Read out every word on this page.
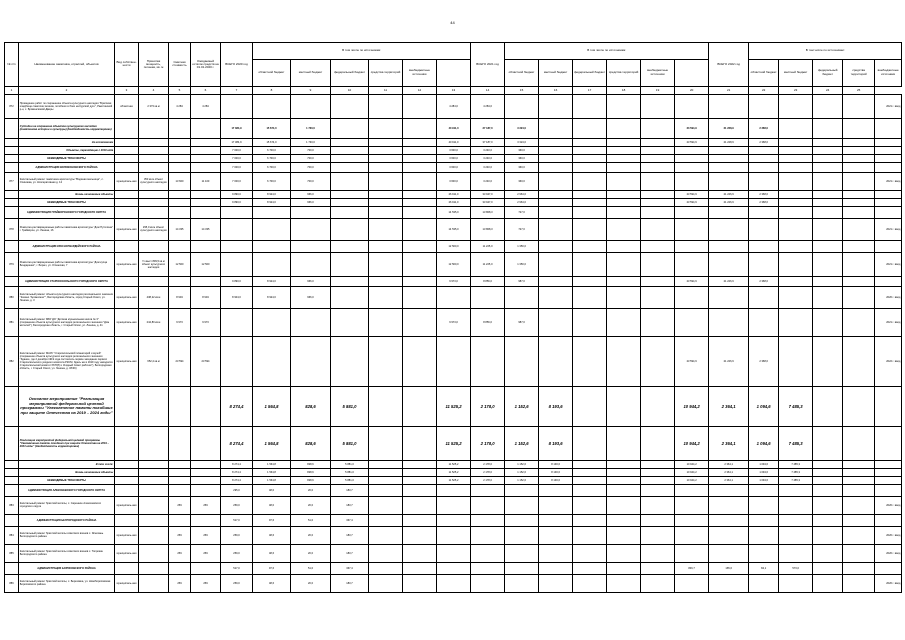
44
№ п/п	Наименование заказчика, отраслей, объектов	Вид собствен-ности	Принятая мощность, погонаж, кв. м	Сметная стоимость	Ожидаемый остаток средств на 01.01.2020 г.	ВСЕГО 2020 год	В том числе по источникам:						ВСЕГО 2021 год	В том числе по источникам:						ВСЕГО 2022 год	В том числе по источникам:	
							областной бюджет	местный бюджет	федеральный бюджет	средства территорий	внебюджетные источники			областной бюджет	местный бюджет	федеральный бюджет	средства территорий	внебюджетные источники			областной бюджет	местный бюджет	федеральный бюджет	средства территорий	внебюджетные источники	
1	2	3	4	5	6	7	8	9	10	11	12	13	14	15	16	17	18	19	20	21	22	23	24	25		
872	Проведение работ по сохранению объекта культурного наследия "Братская кладбище советских воинов, погибших в боях на Курской дуге", Ракитянский р-н, с. Бровинсковой-Дверы	областная	2 373 кв.м	4 284	4 284							4 284,0	4 284,0												2021 г. ввод	
	Субсидии на сохранение объектов культурного наследия (памятников истории и культуры) (Необходимость корректировки)					17 384,9	15 674,0	1 730,0				40 911,0	37 187,0	3 324,0					23 594,9	21 228,9	2 368,0					
	За исключением					17 384,9	15 674,0	1 730,0				40 911,0	37 187,0	3 324,0					23 594,9	21 228,9	2 368,0					
	Объекты, переходящие с 2019 года					7 000,0	6 700,0	700,0				3 600,0	3 240,0	360,0												
	НЕВВОДИМЫЕ ТРАНСФЕРТЫ					7 000,0	6 700,0	700,0				3 600,0	3 240,0	360,0												
	АДМИНИСТРАЦИЯ ВОЛОКОНОВСКОГО РАЙОНА					7 000,0	6 700,0	700,0				3 600,0	3 240,0	360,0												
877	Капитальный ремонт памятника архитектуры "Водяная мельница", с. Осиновка, ул. Кооперативная д. 12	муниципаль-ная	353 кв.м объект культурного наследия	13 600	11 100	7 000,0	6 700,0	700,0				3 600,0	3 240,0	360,0											2021 г. ввод	
	Вновь начинаемые объекты					9 890,0	8 924,0	966,0				26 911,0	33 947,0	2 964,0					23 594,9	21 226,9	2 368,0					
	НЕВВОДИМЫЕ ТРАНСФЕРТЫ					9 890,0	8 924,0	966,0				26 911,0	33 947,0	2 964,0					23 594,9	21 226,9	2 368,0					
	АДМИНИСТРАЦИЯ ГРАЙВОРОНСКОГО ГОРОДСКОГО ОКРУГА											14 535,0	13 808,3	727,0												
878	Ремонтно-реставрационные работы памятника архитектуры "Дом Путилина" г. Грайворон, ул. Ленина, 16	муниципаль-ная	295,0 кв.м объект культурного наследия	14 335	14 335							14 535,0	13 808,3	727,0											2021 г. ввод	
	АДМИНИСТРАЦИЯ КРАСНОГВАРДЕЙСКОГО РАЙОНА											12 500,0	11 225,0	1 350,0												
879	Ремонтно-реставрационные работы памятника архитектуры "Дом купца Бондаренко", г. Бирюч, ул. Успенская, 7	муниципаль-ная	Уч.выст 809,5 кв.м объект культурного наследия	12 500	12 500							12 500,0	11 225,0	1 350,0											2021 г. ввод	
	АДМИНИСТРАЦИЯ СТАРООСКОЛЬСКОГО ГОРОДСКОГО ОКРУГА					9 890,0	8 924,0	966,0				9 973,0	8 856,0	987,0					23 594,9	21 226,9	2 368,0					
880	Капитальный ремонт объекта культурного наследия регионального значения "Казино "Ароматное"", Белгородская область, город Старый Оскол, ул. Ленина, д. 3	муниципаль-ная	438,22 кв.м	8 904	8 904	8 904,0	8 924,0	966,0																	2020 г. ввод	
881	Капитальный ремонт МБУ ДО "Детская музыкальная школа № 3" (сохранение объекта культурного наследия регионального значения "Дом жителей"), Белгородская область, г. Старый Оскол, ул. Ленина, д. 41	муниципаль-ная	244,80 кв.м	9 973	9 973							9 973,0	8 856,0	987,0											2021 г. ввод	
882	Капитальный ремонт МАУК "Старооскольский планетарий и музей" (сохранение объекта культурного наследия регионального значения "Здание, где 2 декабря 1919 года состоялось первое заседание первого Старооскольского уездного комитета РКСМ. Здесь же в 1919 году находился Старооскольский комитет РКП(б) и Уездный Совет рабочих"), Белгородская область, г. Старый Оскол, ул. Ленина, д. 3б/46)	муниципаль-ная	652,4 кв.м	23 594	23 594														23 594,9	21 226,9	2 368,0				2022 г. ввод	
	Основное мероприятие "Реализация мероприятий федеральной целевой программы "Увековечение памяти погибших при защите Отечества на 2019 – 2024 годы"					8 274,4	1 564,8	828,6	5 881,0			11 525,2	2 178,0	1 152,6	8 193,6				10 944,2	2 364,1	1 094,6	7 485,3				
	Реализация мероприятий федеральной целевой программы "Увековечение памяти погибших при защите Отечества на 2019 – 2024 годы" (Необходимость корректировки)					8 274,4	1 564,8	828,6	5 881,0			11 525,2	2 178,0	1 152,6	8 193,6				10 944,2	2 364,1	1 094,6	7 485,3				
	В том числе:					8 274,4	1 564,8	828,6	5 881,0			11 525,2	2 178,0	1 152,6	8 193,6				10 944,2	2 364,1	1 094,6	7 485,3				
	Вновь начинаемые объекты					8 274,4	1 564,8	828,6	5 881,0			11 525,2	2 178,0	1 152,6	8 193,6				10 944,2	2 364,1	1 094,6	7 485,3				
	НЕВВОДИМЫЕ ТРАНСФЕРТЫ					8 274,4	1 564,8	828,6	5 881,0			11 525,2	2 178,0	1 152,6	8 193,6				10 944,2	2 364,1	1 094,6	7 485,3				
	АДМИНИСТРАЦИЯ АЛЕКСЕЕВСКОГО ГОРОДСКОГО ОКРУГА					295,0	48,0	20,0	183,7																	
883	Капитальный ремонт братской могилы, с. Саренное Алексеевского городского округа	муниципаль-ная		259	259	259,0	48,0	20,0	183,7																2020 г. ввод	
	АДМИНИСТРАЦИЯ БЕЛГОРОДСКОГО РАЙОНА					517,0	97,6	51,0	367,4																	
884	Капитальный ремонт братской могилы советских воинов с. Яснозань Белгородского района	муниципаль-ная		259	259	259,0	48,6	20,0	183,7																2020 г. ввод	
885	Капитальный ремонт братской могилы советских воинов с. Топрикин Белгородского района	муниципаль-ная		259	259	259,0	48,6	20,0	183,7																2020 г. ввод	
	АДМИНИСТРАЦИЯ БОРИСОВСКОГО РАЙОНА					517,0	97,6	51,0	367,4										846,7	165,6	84,1	573,0				
886	Капитальный ремонт братской могилы, с. Березовка, ул. Новоборисовская Борисовского района	муниципаль-ная		259	259	259,0	48,6	20,0	183,7																2020 г. ввод	
